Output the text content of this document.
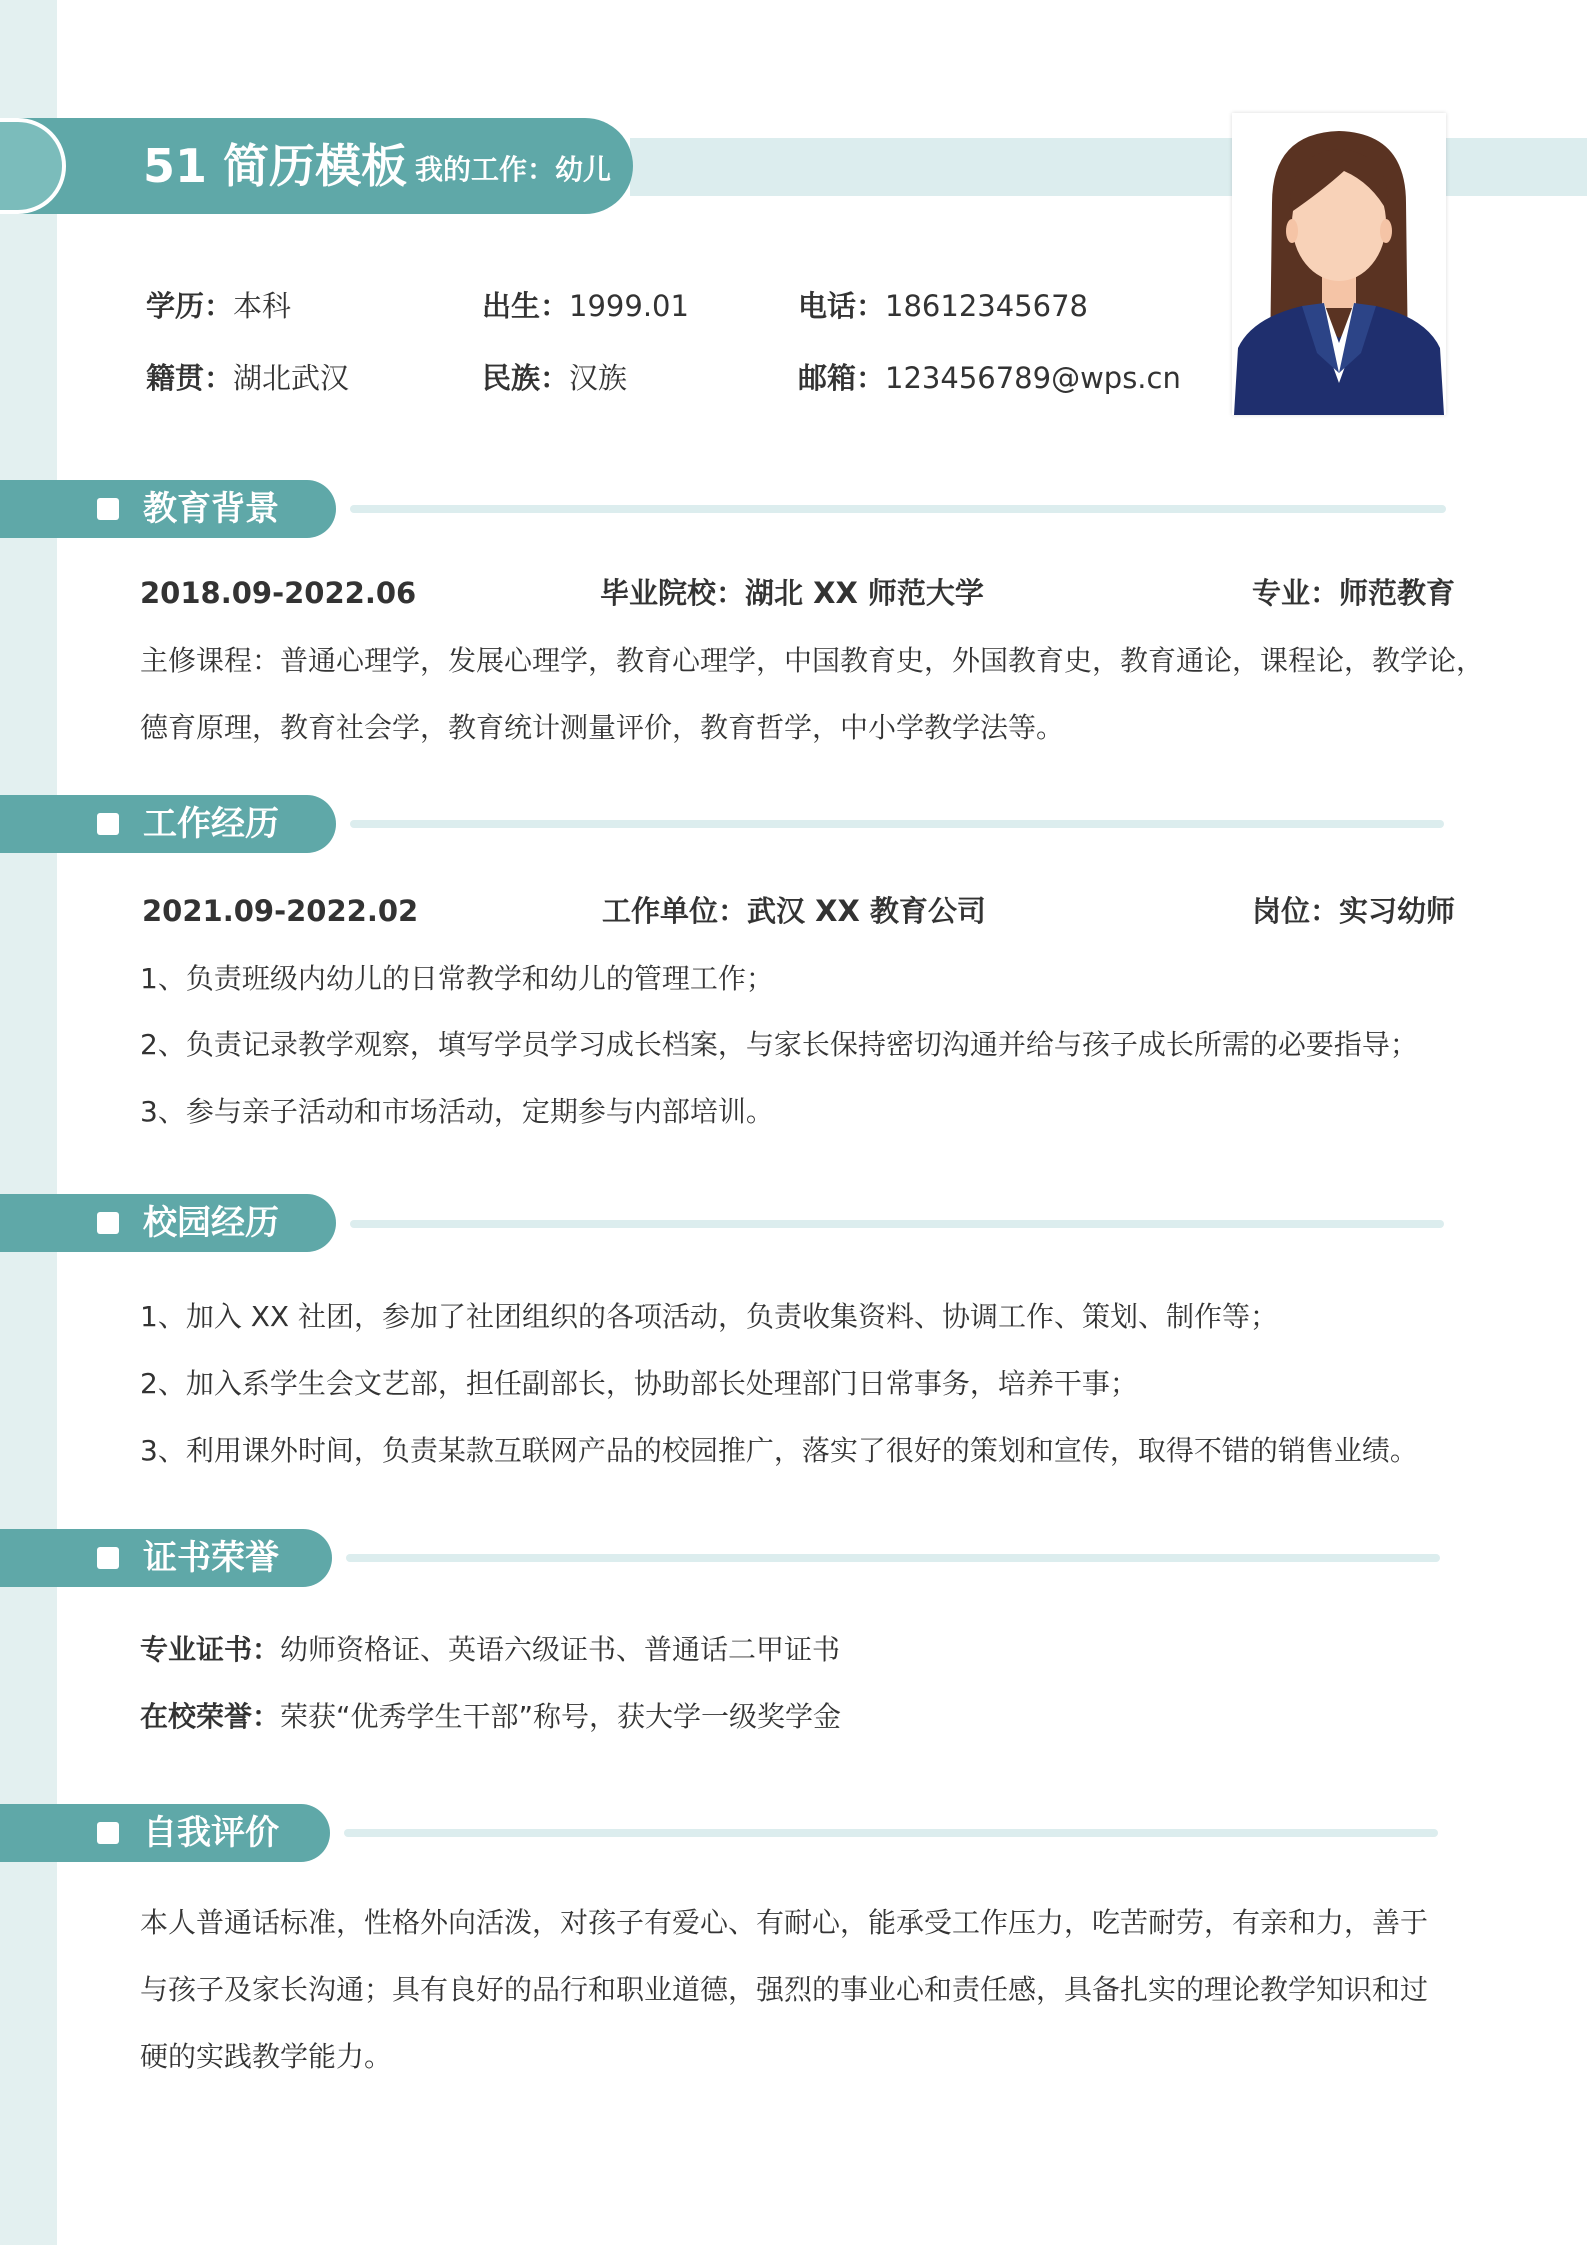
51 简历模板 我的工作：幼儿
学历：本科	出生：1999.01	电话：18612345678
籍贯：湖北武汉	民族：汉族	邮箱：123456789@wps.cn
教育背景
2018.09-2022.06	毕业院校：湖北 XX 师范大学	专业：师范教育
主修课程：普通心理学，发展心理学，教育心理学，中国教育史，外国教育史，教育通论，课程论，教学论，
德育原理，教育社会学，教育统计测量评价，教育哲学，中小学教学法等。
工作经历
2021.09-2022.02	工作单位：武汉 XX 教育公司	岗位：实习幼师
1、负责班级内幼儿的日常教学和幼儿的管理工作；
2、负责记录教学观察，填写学员学习成长档案，与家长保持密切沟通并给与孩子成长所需的必要指导；
3、参与亲子活动和市场活动，定期参与内部培训。
校园经历
1、加入 XX 社团，参加了社团组织的各项活动，负责收集资料、协调工作、策划、制作等；
2、加入系学生会文艺部，担任副部长，协助部长处理部门日常事务，培养干事；
3、利用课外时间，负责某款互联网产品的校园推广，落实了很好的策划和宣传，取得不错的销售业绩。
证书荣誉
专业证书：幼师资格证、英语六级证书、普通话二甲证书
在校荣誉：荣获“优秀学生干部”称号，获大学一级奖学金
自我评价
本人普通话标准，性格外向活泼，对孩子有爱心、有耐心，能承受工作压力，吃苦耐劳，有亲和力，善于
与孩子及家长沟通；具有良好的品行和职业道德，强烈的事业心和责任感，具备扎实的理论教学知识和过
硬的实践教学能力。
